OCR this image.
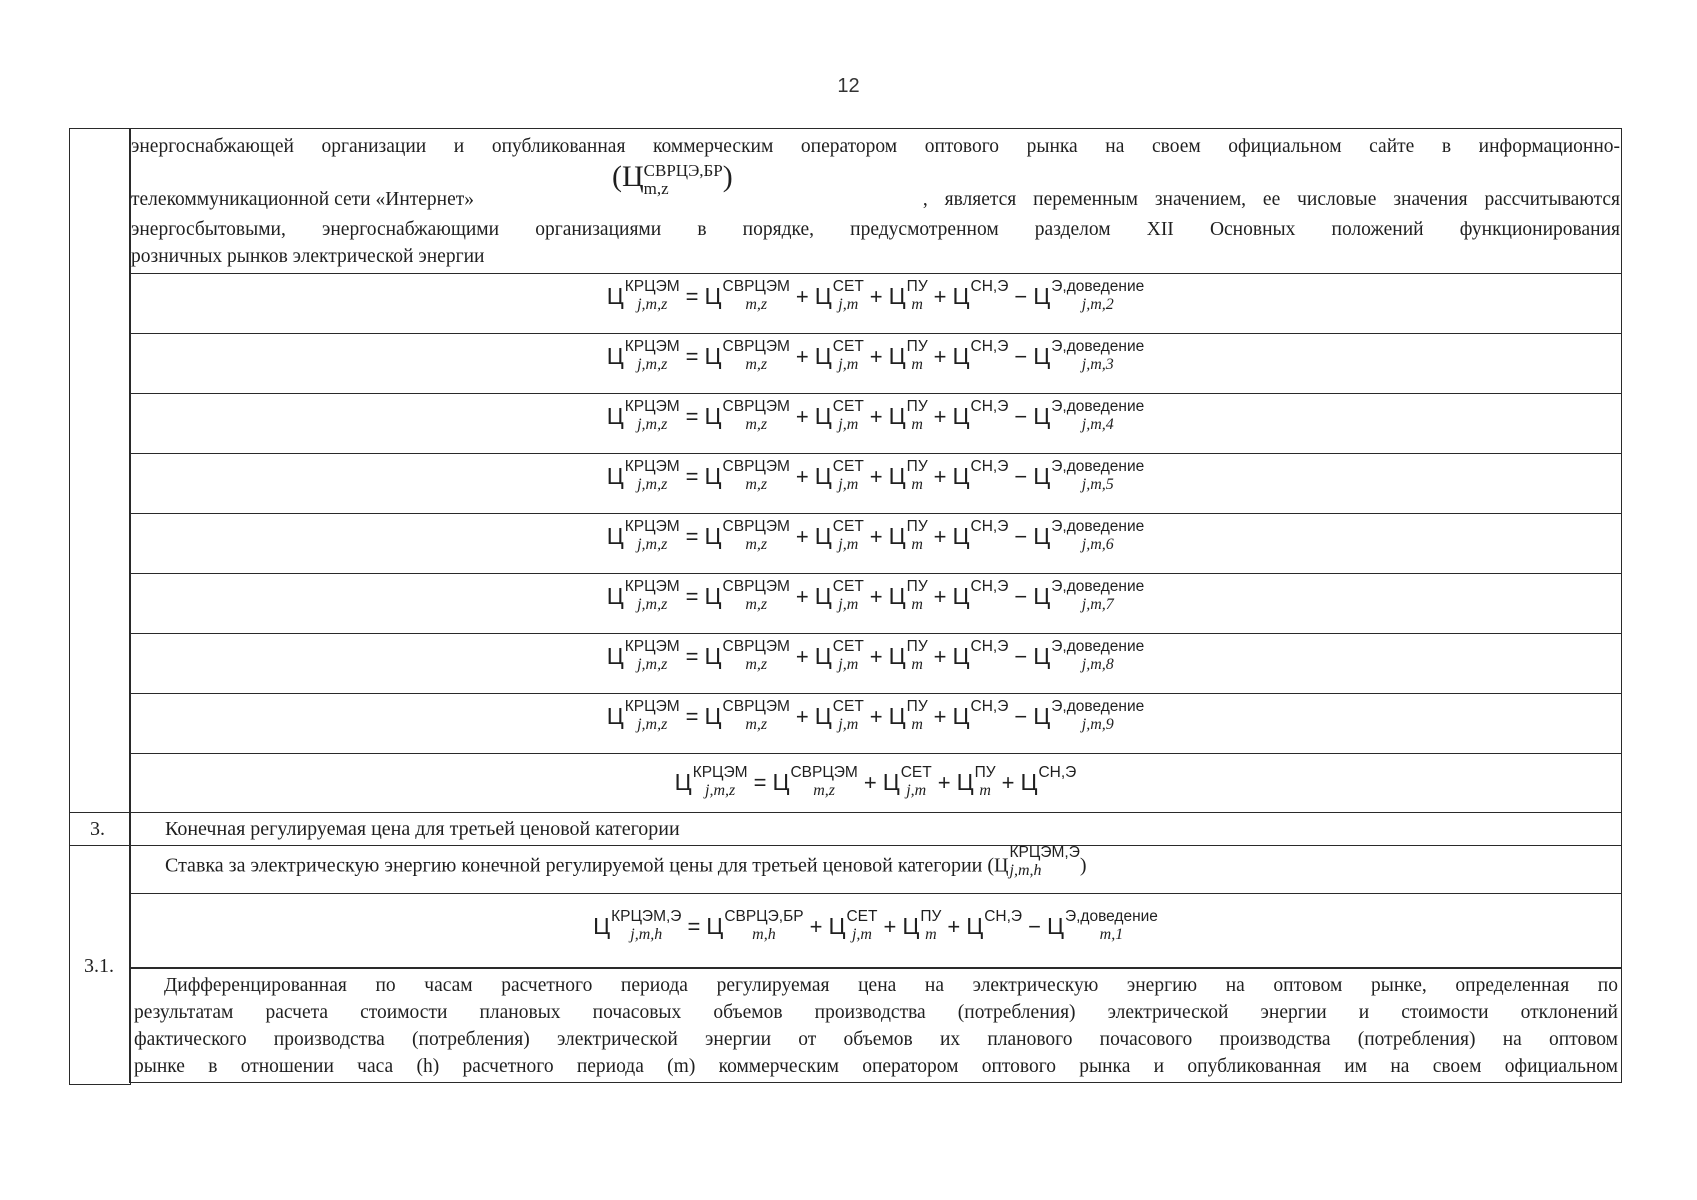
12
энергоснабжающей организации и опубликованная коммерческим оператором оптового рынка на своем официальном сайте в информационно-
телекоммуникационной сети «Интернет»	, является переменным значением, ее числовые значения рассчитываются
(Ц СВРЦЭ,БР
m,z	)
энергосбытовыми, энергоснабжающими организациями в порядке, предусмотренном разделом XII Основных положений функционирования
розничных рынков электрической энергии
Ц КРЦЭМ
j,m,z = Ц СВРЦЭМ
m,z	+ Ц СЕТ
j,m + Ц ПУ
m + Ц СН,Э
− Ц Э,доведение
j,m,2
Ц КРЦЭМ
j,m,z = Ц СВРЦЭМ
m,z	+ Ц СЕТ
j,m + Ц ПУ
m + Ц СН,Э
− Ц Э,доведение
j,m,3
Ц КРЦЭМ
j,m,z = Ц СВРЦЭМ
m,z	+ Ц СЕТ
j,m + Ц ПУ
m + Ц СН,Э
− Ц Э,доведение
j,m,4
Ц КРЦЭМ
j,m,z = Ц СВРЦЭМ
m,z	+ Ц СЕТ
j,m + Ц ПУ
m + Ц СН,Э
− Ц Э,доведение
j,m,5
Ц КРЦЭМ
j,m,z = Ц СВРЦЭМ
m,z	+ Ц СЕТ
j,m + Ц ПУ
m + Ц СН,Э
− Ц Э,доведение
j,m,6
Ц КРЦЭМ
j,m,z = Ц СВРЦЭМ
m,z	+ Ц СЕТ
j,m + Ц ПУ
m + Ц СН,Э
− Ц Э,доведение
j,m,7
Ц КРЦЭМ
j,m,z = Ц СВРЦЭМ
m,z	+ Ц СЕТ
j,m + Ц ПУ
m + Ц СН,Э
− Ц Э,доведение
j,m,8
Ц КРЦЭМ
j,m,z = Ц СВРЦЭМ
m,z	+ Ц СЕТ
j,m + Ц ПУ
m + Ц СН,Э
− Ц Э,доведение
j,m,9
Ц КРЦЭМ
j,m,z = Ц СВРЦЭМ
m,z	+ Ц СЕТ
j,m + Ц ПУ
m + Ц СН,Э

3.	Конечная регулируемая цена для третьей ценовой категории
3.1.
Ставка за электрическую энергию конечной регулируемой цены для третьей ценовой категории (Ц
КРЦЭМ,Э
j,m,h	)
Ц КРЦЭМ,Э
j,m,h	= Ц СВРЦЭ,БР
m,h	+ Ц СЕТ
j,m + Ц ПУ
m + Ц СН,Э
− Ц Э,доведение
m,1
Дифференцированная по часам расчетного периода регулируемая цена на электрическую энергию на оптовом рынке, определенная по
результатам расчета стоимости плановых почасовых объемов производства (потребления) электрической энергии и стоимости отклонений
фактического производства (потребления) электрической энергии от объемов их планового почасового производства (потребления) на оптовом
рынке в отношении часа (h) расчетного периода (m) коммерческим оператором оптового рынка и опубликованная им на своем официальном
